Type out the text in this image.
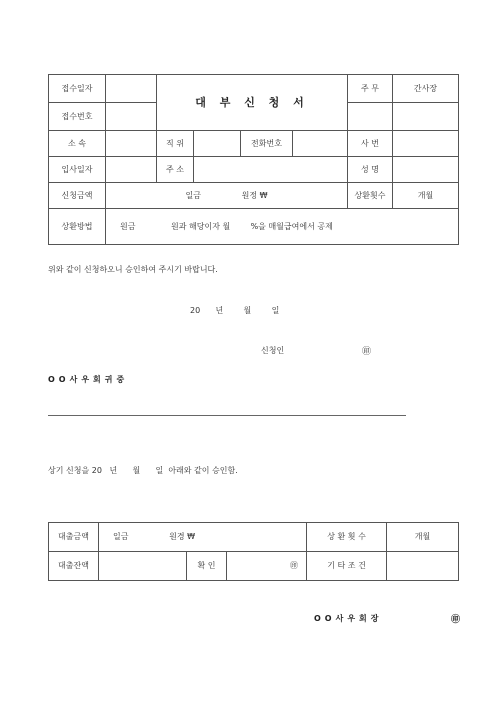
접수일자		대 부 신 청 서				주 무	간사장
접수번호							
소 속		직 위		전화번호		사 번	
입사일자		주 소				성 명	
신청금액	일금                원정 ₩					상환횟수	개월
상환방법	원금              원과 해당이자 월        %을 매월급여에서 공제						
위와 같이 신청하오니 승인하여 주시기 바랍니다.
20      년        월        일
신청인	㊞
OO사우회귀중
상기 신청을 20   년      월      일  아래와 같이 승인함.
대출금액	일금                원경 ₩			상 환 횟 수	개월
대출잔액		확 인	㊞	기 타 조 건	
OO사우회장	㊞
